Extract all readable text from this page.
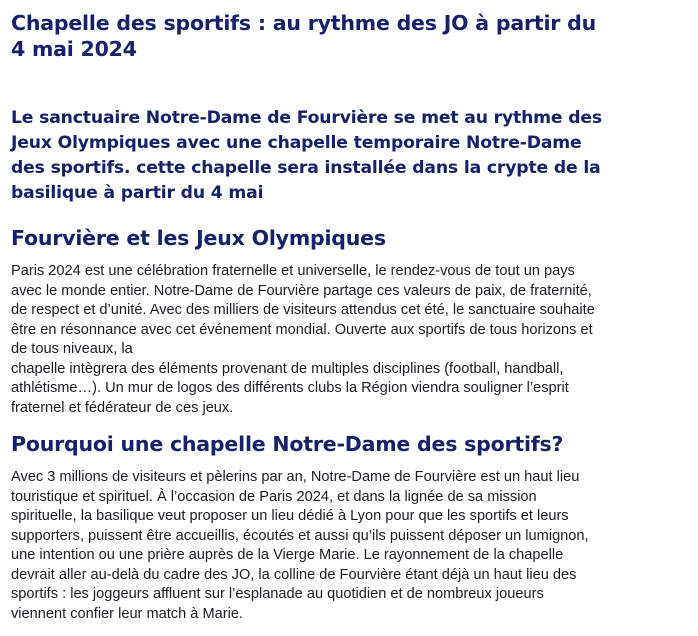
Chapelle des sportifs : au rythme des JO à partir du
4 mai 2024

Le sanctuaire Notre-Dame de Fourvière se met au rythme des
Jeux Olympiques avec une chapelle temporaire Notre-Dame
des sportifs. cette chapelle sera installée dans la crypte de la
basilique à partir du 4 mai

Fourvière et les Jeux Olympiques

Paris 2024 est une célébration fraternelle et universelle, le rendez-vous de tout un pays
avec le monde entier. Notre-Dame de Fourvière partage ces valeurs de paix, de fraternité,
de respect et d’unité. Avec des milliers de visiteurs attendus cet été, le sanctuaire souhaite
être en résonnance avec cet événement mondial. Ouverte aux sportifs de tous horizons et
de tous niveaux, la
chapelle intègrera des éléments provenant de multiples disciplines (football, handball,
athlétisme…). Un mur de logos des différents clubs la Région viendra souligner l’esprit
fraternel et fédérateur de ces jeux.

Pourquoi une chapelle Notre-Dame des sportifs?

Avec 3 millions de visiteurs et pèlerins par an, Notre-Dame de Fourvière est un haut lieu
touristique et spirituel. À l’occasion de Paris 2024, et dans la lignée de sa mission
spirituelle, la basilique veut proposer un lieu dédié à Lyon pour que les sportifs et leurs
supporters, puissent être accueillis, écoutés et aussi qu’ils puissent déposer un lumignon,
une intention ou une prière auprès de la Vierge Marie. Le rayonnement de la chapelle
devrait aller au-delà du cadre des JO, la colline de Fourvière étant déjà un haut lieu des
sportifs : les joggeurs affluent sur l’esplanade au quotidien et de nombreux joueurs
viennent confier leur match à Marie.
